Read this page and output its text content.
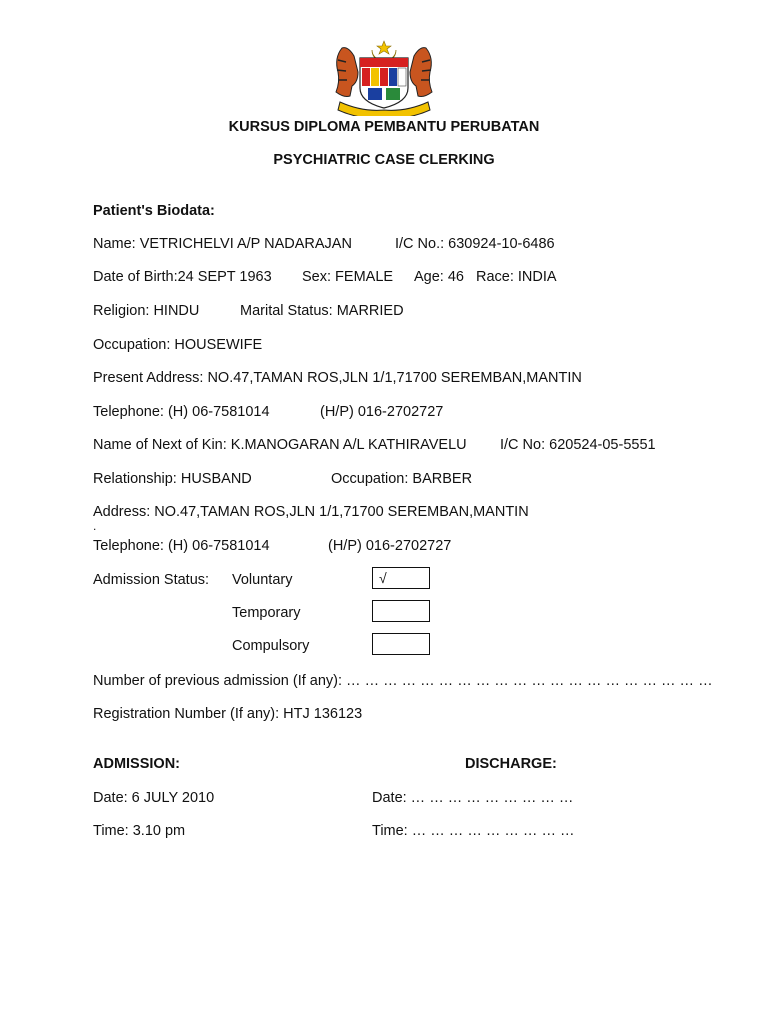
KURSUS DIPLOMA PEMBANTU PERUBATAN
PSYCHIATRIC CASE CLERKING
Patient's Biodata:
Name: VETRICHELVI A/P NADARAJAN	I/C No.: 630924-10-6486
Date of Birth:24 SEPT 1963 Sex: FEMALE Age: 46 Race: INDIA
Religion: HINDU	Marital Status: MARRIED
Occupation: HOUSEWIFE
Present Address: NO.47,TAMAN ROS,JLN 1/1,71700 SEREMBAN,MANTIN
Telephone: (H) 06-7581014	(H/P) 016-2702727
Name of Next of Kin: K.MANOGARAN A/L KATHIRAVELU I/C No: 620524-05-5551
Relationship: HUSBAND	Occupation: BARBER
Address: NO.47,TAMAN ROS,JLN 1/1,71700 SEREMBAN,MANTIN
.
Telephone: (H) 06-7581014	(H/P) 016-2702727
Admission Status: Voluntary	√
Temporary
Compulsory
Number of previous admission (If any): … … … … … … … … … … … … … … … … … … … …
Registration Number (If any): HTJ 136123
ADMISSION:	DISCHARGE:
Date: 6 JULY 2010	Date: … … … … … … … … …
Time: 3.10 pm	Time: … … … … … … … … …
